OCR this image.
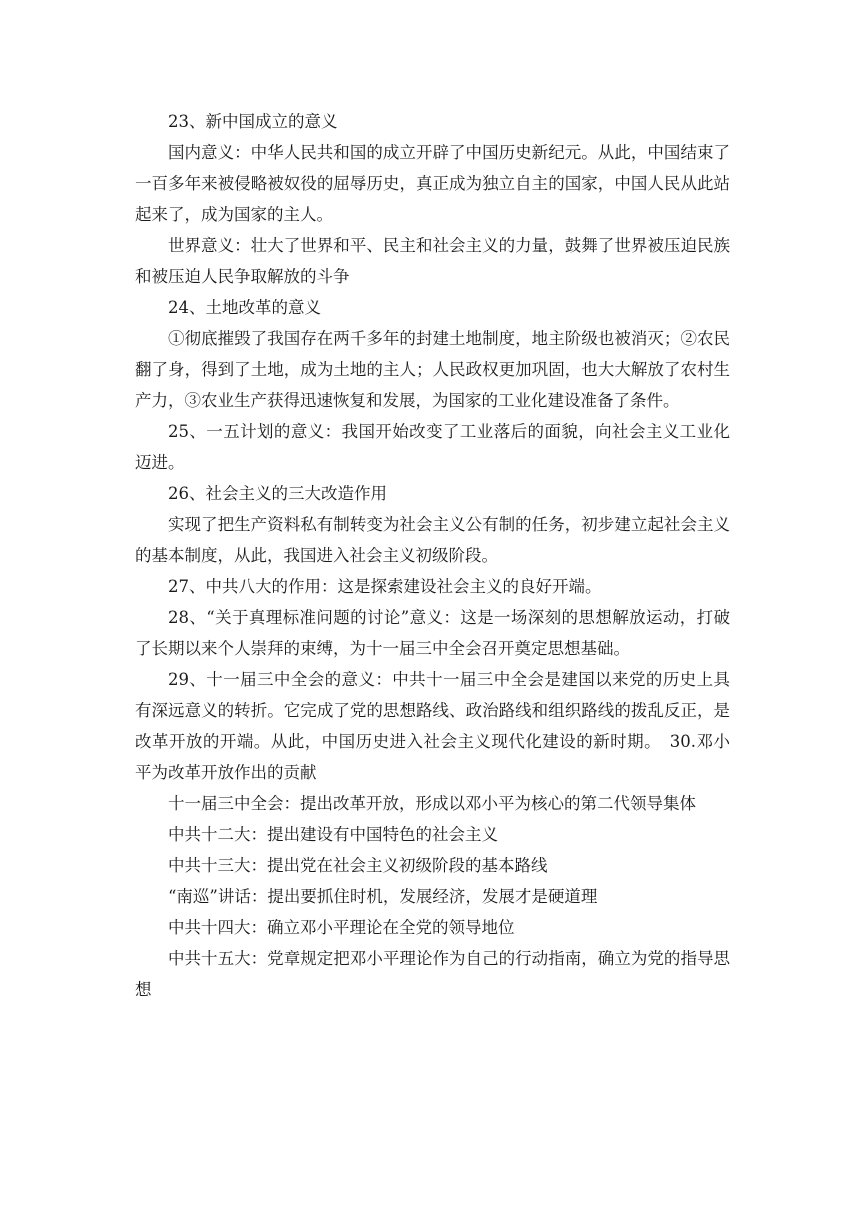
23、新中国成立的意义

国内意义：中华人民共和国的成立开辟了中国历史新纪元。从此，中国结束了一百多年来被侵略被奴役的屈辱历史，真正成为独立自主的国家，中国人民从此站起来了，成为国家的主人。

世界意义：壮大了世界和平、民主和社会主义的力量，鼓舞了世界被压迫民族和被压迫人民争取解放的斗争

24、土地改革的意义

①彻底摧毁了我国存在两千多年的封建土地制度，地主阶级也被消灭；②农民翻了身，得到了土地，成为土地的主人；人民政权更加巩固，也大大解放了农村生产力，③农业生产获得迅速恢复和发展，为国家的工业化建设准备了条件。

25、一五计划的意义：我国开始改变了工业落后的面貌，向社会主义工业化迈进。

26、社会主义的三大改造作用

实现了把生产资料私有制转变为社会主义公有制的任务，初步建立起社会主义的基本制度，从此，我国进入社会主义初级阶段。

27、中共八大的作用：这是探索建设社会主义的良好开端。

28、“关于真理标准问题的讨论”意义：这是一场深刻的思想解放运动，打破了长期以来个人崇拜的束缚，为十一届三中全会召开奠定思想基础。

29、十一届三中全会的意义：中共十一届三中全会是建国以来党的历史上具有深远意义的转折。它完成了党的思想路线、政治路线和组织路线的拨乱反正，是改革开放的开端。从此，中国历史进入社会主义现代化建设的新时期。　30.邓小平为改革开放作出的贡献

十一届三中全会：提出改革开放，形成以邓小平为核心的第二代领导集体

中共十二大：提出建设有中国特色的社会主义

中共十三大：提出党在社会主义初级阶段的基本路线

“南巡”讲话：提出要抓住时机，发展经济，发展才是硬道理

中共十四大：确立邓小平理论在全党的领导地位

中共十五大：党章规定把邓小平理论作为自己的行动指南，确立为党的指导思想
